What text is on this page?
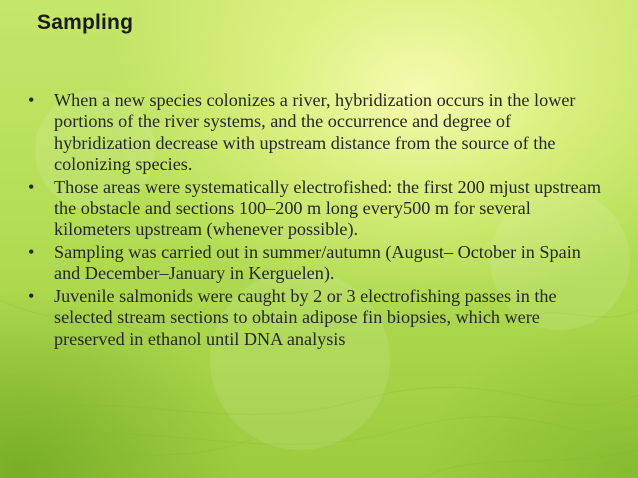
Sampling
•	When a new species colonizes a river, hybridization occurs in the lower portions of the river systems, and the occurrence and degree of hybridization decrease with upstream distance from the source of the colonizing species.
•	Those areas were systematically electrofished: the first 200 mjust upstream the obstacle and sections 100–200 m long every500 m for several kilometers upstream (whenever possible).
•	Sampling was carried out in summer/autumn (August– October in Spain and December–January in Kerguelen).
•	Juvenile salmonids were caught by 2 or 3 electrofishing passes in the selected stream sections to obtain adipose fin biopsies, which were preserved in ethanol until DNA analysis
